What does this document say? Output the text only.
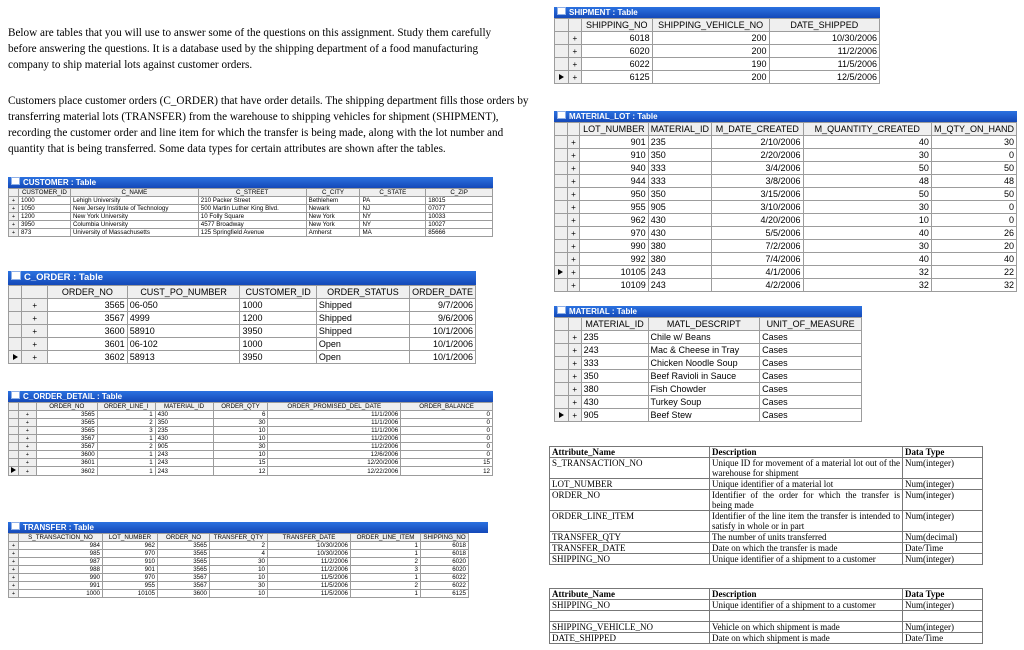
Below are tables that you will use to answer some of the questions on this assignment. Study them carefully before answering the questions. It is a database used by the shipping department of a food manufacturing company to ship material lots against customer orders.

Customers place customer orders (C_ORDER) that have order details. The shipping department fills those orders by transferring material lots (TRANSFER) from the warehouse to shipping vehicles for shipment (SHIPMENT), recording the customer order and line item for which the transfer is being made, along with the lot number and quantity that is being transferred. Some data types for certain attributes are shown after the tables.

CUSTOMER : Table
	CUSTOMER_ID	C_NAME	C_STREET	C_CITY	C_STATE	C_ZIP
+	1000	Lehigh University	210 Packer Street	Bethlehem	PA	18015
+	1050	New Jersey Institute of Technology	500 Martin Luther King Blvd.	Newark	NJ	07077
+	1200	New York University	10 Folly Square	New York	NY	10033
+	3950	Columbia University	4577 Broadway	New York	NY	10027
+	873	University of Massachusetts	125 Springfield Avenue	Amherst	MA	85666
C_ORDER : Table
		ORDER_NO	CUST_PO_NUMBER	CUSTOMER_ID	ORDER_STATUS	ORDER_DATE
	+	3565	06-050	1000	Shipped	9/7/2006
	+	3567	4999	1200	Shipped	9/6/2006
	+	3600	58910	3950	Shipped	10/1/2006
	+	3601	06-102	1000	Open	10/1/2006
	+	3602	58913	3950	Open	10/1/2006
C_ORDER_DETAIL : Table
		ORDER_NO	ORDER_LINE_I	MATERIAL_ID	ORDER_QTY	ORDER_PROMISED_DEL_DATE	ORDER_BALANCE
	+	3565	1	430	6	11/1/2006	0
	+	3565	2	350	30	11/1/2006	0
	+	3565	3	235	10	11/1/2006	0
	+	3567	1	430	10	11/2/2006	0
	+	3567	2	905	30	11/2/2006	0
	+	3600	1	243	10	12/6/2006	0
	+	3601	1	243	15	12/20/2006	15
	+	3602	1	243	12	12/22/2006	12
TRANSFER : Table
	S_TRANSACTION_NO	LOT_NUMBER	ORDER_NO	TRANSFER_QTY	TRANSFER_DATE	ORDER_LINE_ITEM	SHIPPING_NO
+	984	962	3565	2	10/30/2006	1	6018
+	985	970	3565	4	10/30/2006	1	6018
+	987	910	3565	30	11/2/2006	2	6020
+	988	901	3565	10	11/2/2006	3	6020
+	990	970	3567	10	11/5/2006	1	6022
+	991	955	3567	30	11/5/2006	2	6022
+	1000	10105	3600	10	11/5/2006	1	6125
SHIPMENT : Table
		SHIPPING_NO	SHIPPING_VEHICLE_NO	DATE_SHIPPED
	+	6018	200	10/30/2006
	+	6020	200	11/2/2006
	+	6022	190	11/5/2006
	+	6125	200	12/5/2006
MATERIAL_LOT : Table
		LOT_NUMBER	MATERIAL_ID	M_DATE_CREATED	M_QUANTITY_CREATED	M_QTY_ON_HAND
	+	901	235	2/10/2006	40	30
	+	910	350	2/20/2006	30	0
	+	940	333	3/4/2006	50	50
	+	944	333	3/8/2006	48	48
	+	950	350	3/15/2006	50	50
	+	955	905	3/10/2006	30	0
	+	962	430	4/20/2006	10	0
	+	970	430	5/5/2006	40	26
	+	990	380	7/2/2006	30	20
	+	992	380	7/4/2006	40	40
	+	10105	243	4/1/2006	32	22
	+	10109	243	4/2/2006	32	32
MATERIAL : Table
		MATERIAL_ID	MATL_DESCRIPT	UNIT_OF_MEASURE
	+	235	Chile w/ Beans	Cases
	+	243	Mac & Cheese in Tray	Cases
	+	333	Chicken Noodle Soup	Cases
	+	350	Beef Ravioli in Sauce	Cases
	+	380	Fish Chowder	Cases
	+	430	Turkey Soup	Cases
	+	905	Beef Stew	Cases
Attribute_Name	Description	Data Type
S_TRANSACTION_NO	Unique ID for movement of a material lot out of the warehouse for shipment	Num(integer)
LOT_NUMBER	Unique identifier of a material lot	Num(integer)
ORDER_NO	Identifier of the order for which the transfer is being made	Num(integer)
ORDER_LINE_ITEM	Identifier of the line item the transfer is intended to satisfy in whole or in part	Num(integer)
TRANSFER_QTY	The number of units transferred	Num(decimal)
TRANSFER_DATE	Date on which the transfer is made	Date/Time
SHIPPING_NO	Unique identifier of a shipment to a customer	Num(integer)
Attribute_Name	Description	Data Type
SHIPPING_NO	Unique identifier of a shipment to a customer	Num(integer)

SHIPPING_VEHICLE_NO	Vehicle on which shipment is made	Num(integer)
DATE_SHIPPED	Date on which shipment is made	Date/Time
